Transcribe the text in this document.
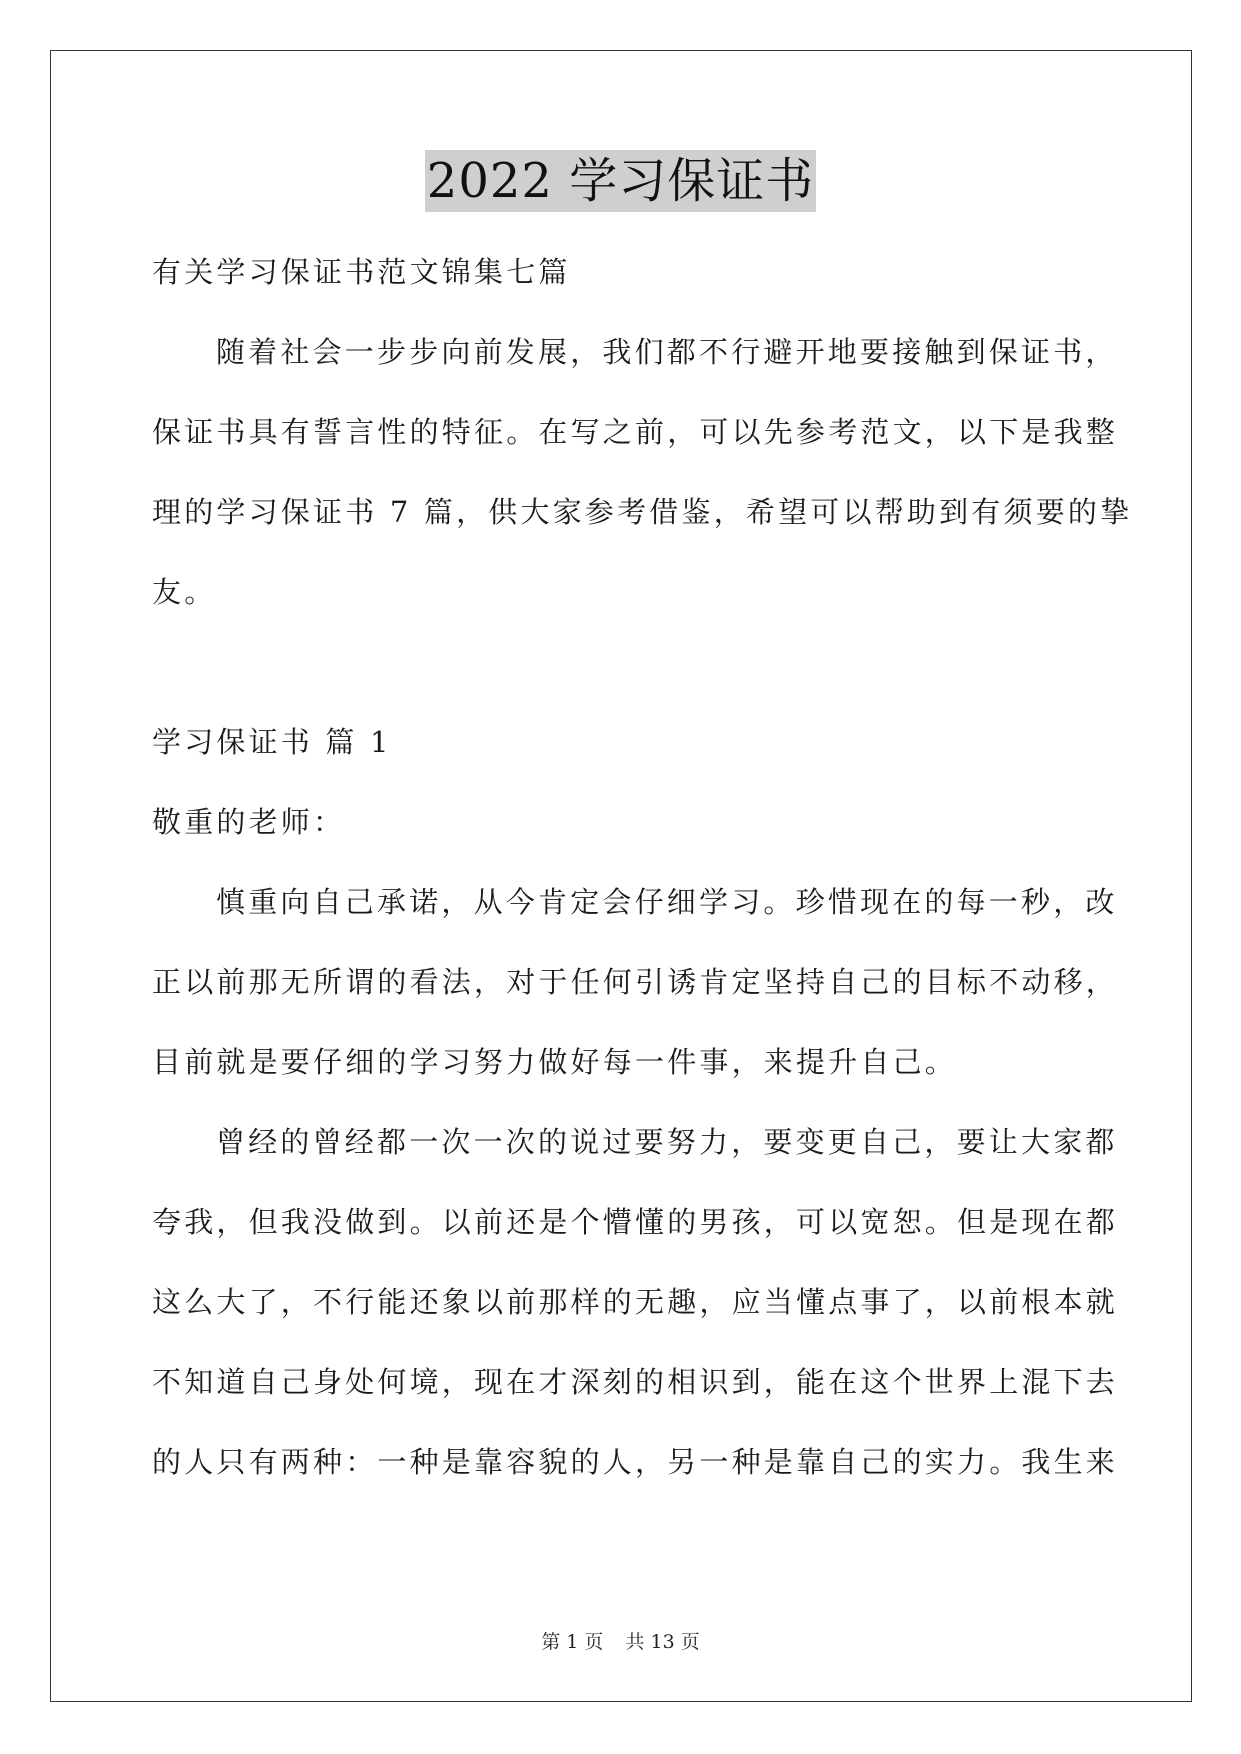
2022 学习保证书
有关学习保证书范文锦集七篇
随着社会一步步向前发展，我们都不行避开地要接触到保证书，
保证书具有誓言性的特征。在写之前，可以先参考范文，以下是我整
理的学习保证书 7 篇，供大家参考借鉴，希望可以帮助到有须要的挚
友。
学习保证书 篇 1
敬重的老师：
慎重向自己承诺，从今肯定会仔细学习。珍惜现在的每一秒，改
正以前那无所谓的看法，对于任何引诱肯定坚持自己的目标不动移，
目前就是要仔细的学习努力做好每一件事，来提升自己。
曾经的曾经都一次一次的说过要努力，要变更自己，要让大家都
夸我，但我没做到。以前还是个懵懂的男孩，可以宽恕。但是现在都
这么大了，不行能还象以前那样的无趣，应当懂点事了，以前根本就
不知道自己身处何境，现在才深刻的相识到，能在这个世界上混下去
的人只有两种：一种是靠容貌的人，另一种是靠自己的实力。我生来
第 1 页 共 13 页
